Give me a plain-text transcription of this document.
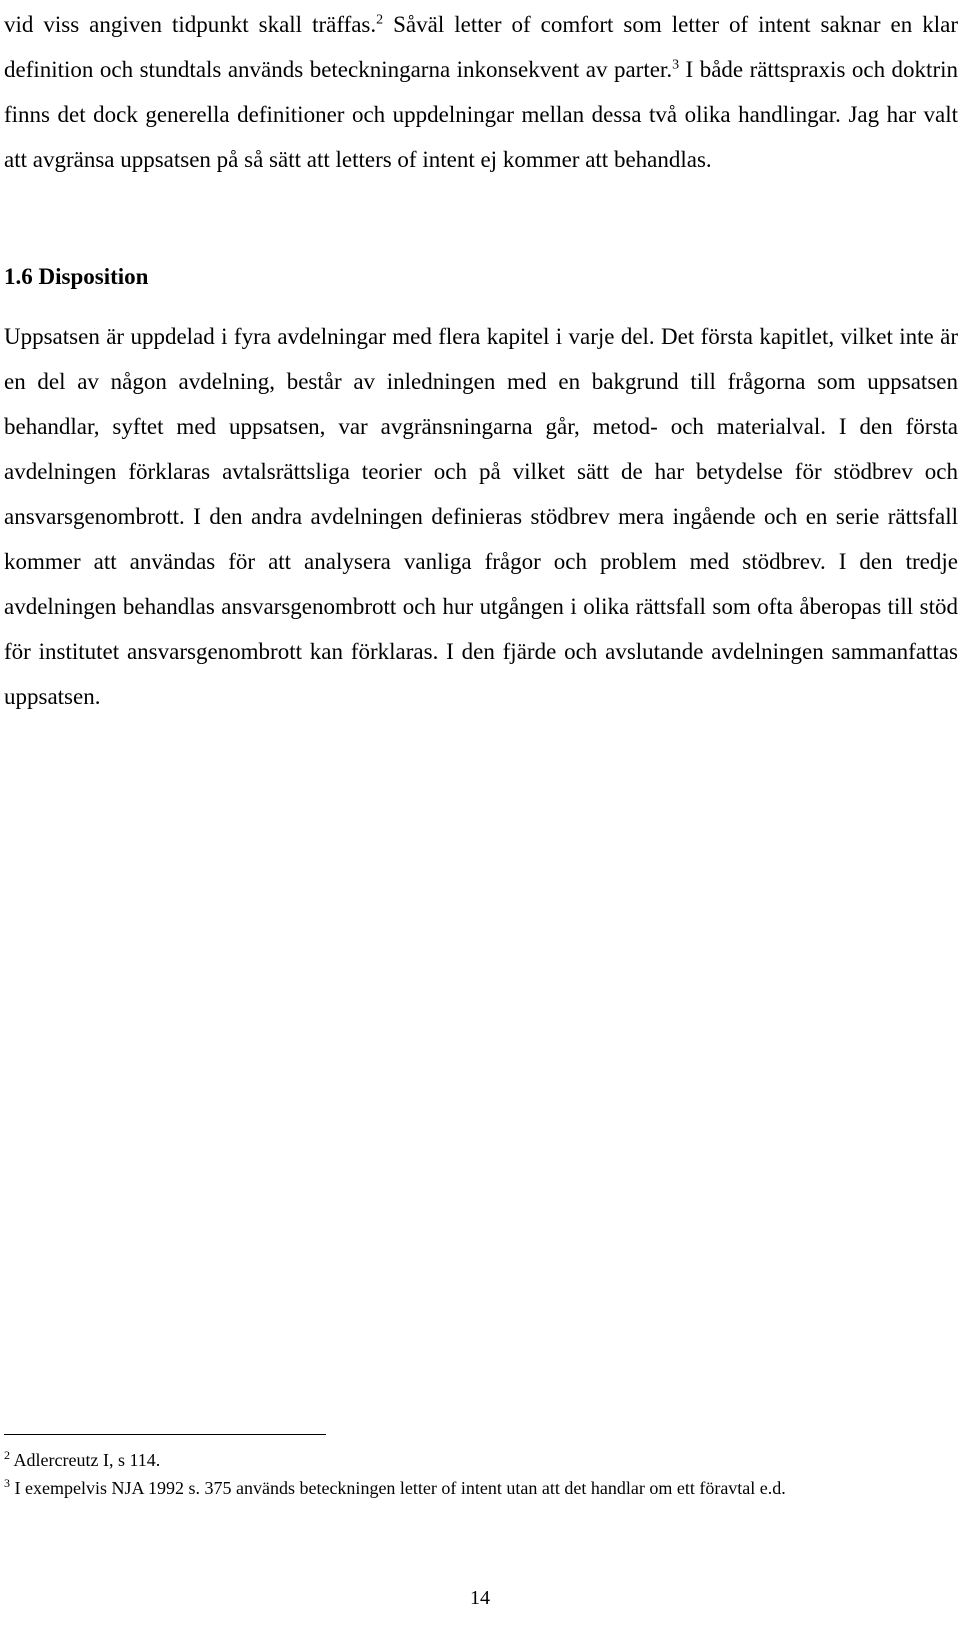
vid viss angiven tidpunkt skall träffas.$^2$ Såväl letter of comfort som letter of intent saknar en klar definition och stundtals används beteckningarna inkonsekvent av parter.$^3$ I både rättspraxis och doktrin finns det dock generella definitioner och uppdelningar mellan dessa två olika handlingar. Jag har valt att avgränsa uppsatsen på så sätt att letters of intent ej kommer att behandlas.

1.6 Disposition

Uppsatsen är uppdelad i fyra avdelningar med flera kapitel i varje del. Det första kapitlet, vilket inte är en del av någon avdelning, består av inledningen med en bakgrund till frågorna som uppsatsen behandlar, syftet med uppsatsen, var avgränsningarna går, metod- och materialval. I den första avdelningen förklaras avtalsrättsliga teorier och på vilket sätt de har betydelse för stödbrev och ansvarsgenombrott. I den andra avdelningen definieras stödbrev mera ingående och en serie rättsfall kommer att användas för att analysera vanliga frågor och problem med stödbrev. I den tredje avdelningen behandlas ansvarsgenombrott och hur utgången i olika rättsfall som ofta åberopas till stöd för institutet ansvarsgenombrott kan förklaras. I den fjärde och avslutande avdelningen sammanfattas uppsatsen.

$^2$ Adlercreutz I, s 114.

$^3$ I exempelvis NJA 1992 s. 375 används beteckningen letter of intent utan att det handlar om ett föravtal e.d.

14
